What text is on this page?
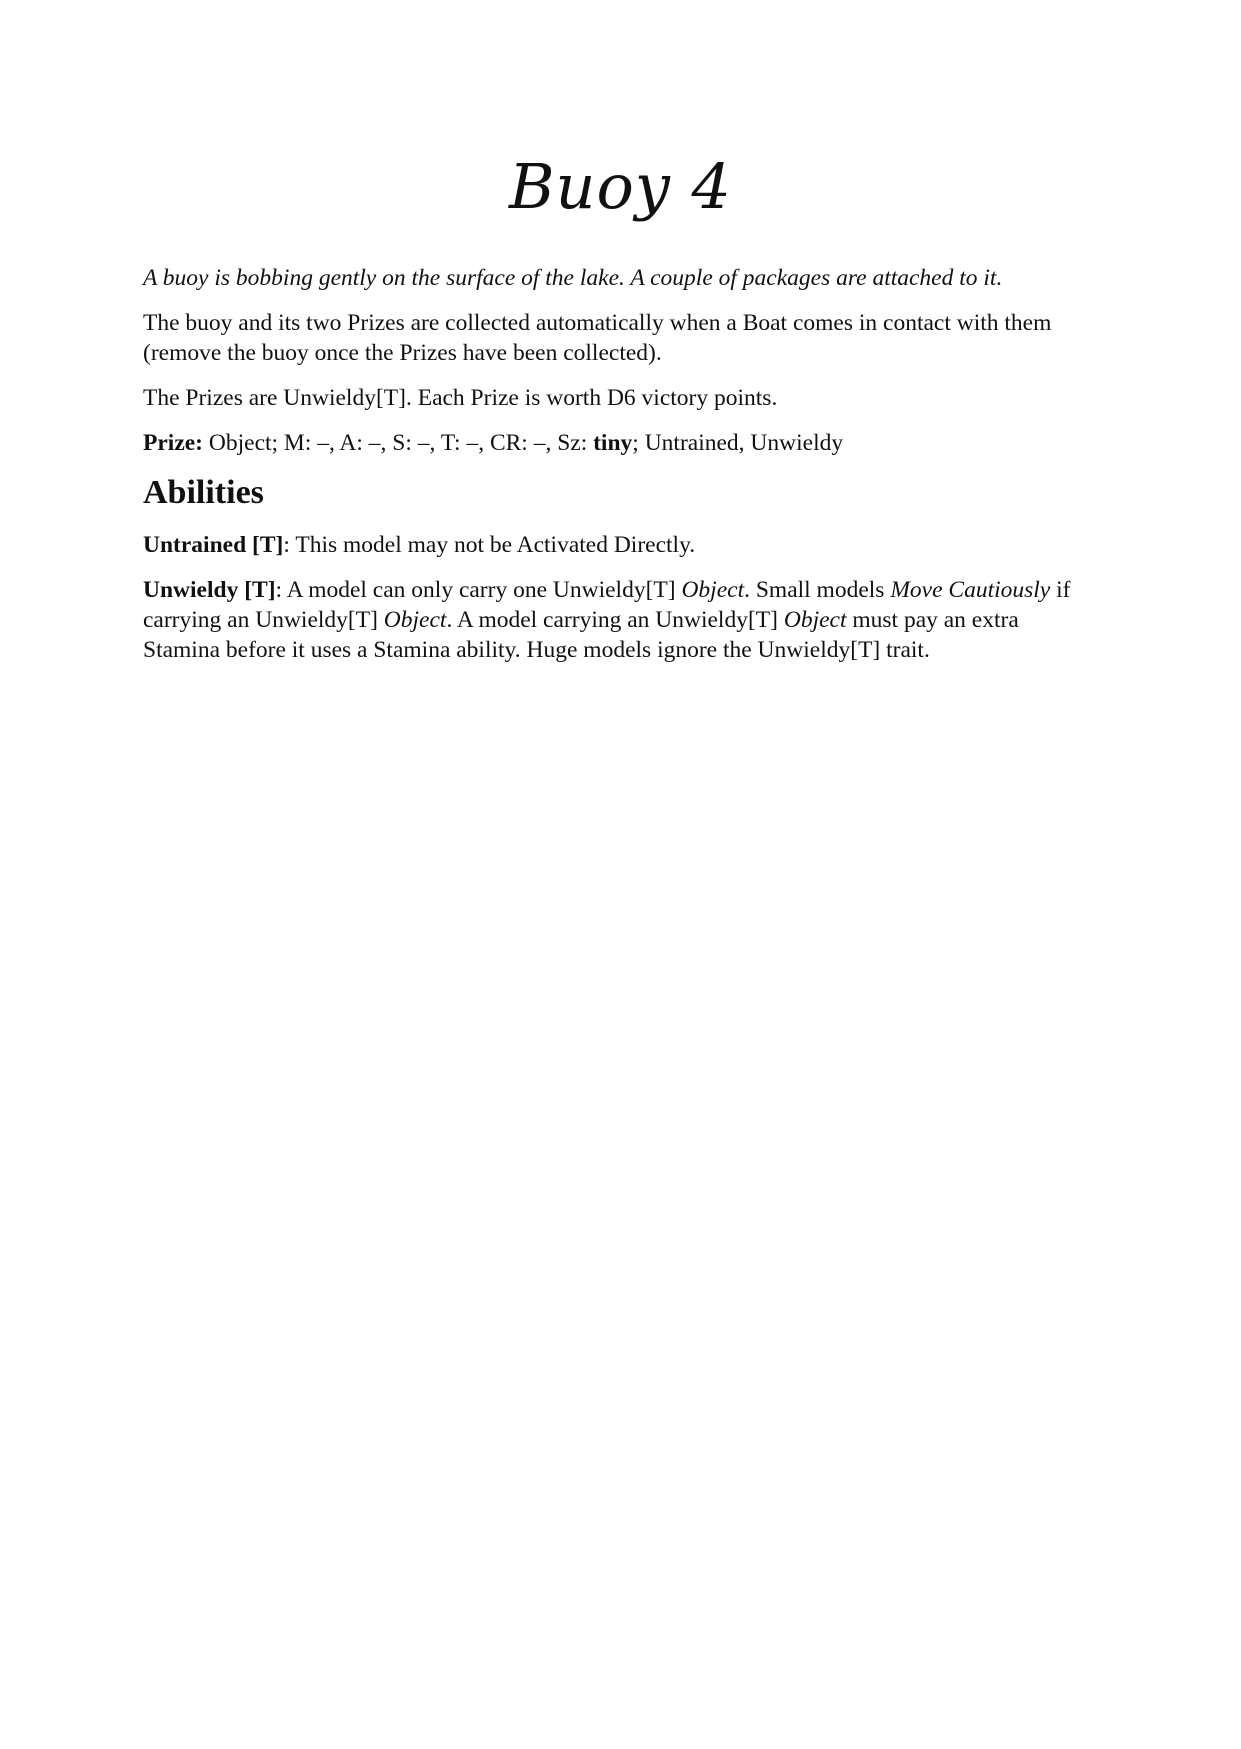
Buoy 4

A buoy is bobbing gently on the surface of the lake. A couple of packages are attached to it.

The buoy and its two Prizes are collected automatically when a Boat comes in contact with them (remove the buoy once the Prizes have been collected).

The Prizes are Unwieldy[T]. Each Prize is worth D6 victory points.

Prize: Object; M: –, A: –, S: –, T: –, CR: –, Sz: tiny; Untrained, Unwieldy

Abilities

Untrained [T]: This model may not be Activated Directly.

Unwieldy [T]: A model can only carry one Unwieldy[T] Object. Small models Move Cautiously if carrying an Unwieldy[T] Object. A model carrying an Unwieldy[T] Object must pay an extra Stamina before it uses a Stamina ability. Huge models ignore the Unwieldy[T] trait.
